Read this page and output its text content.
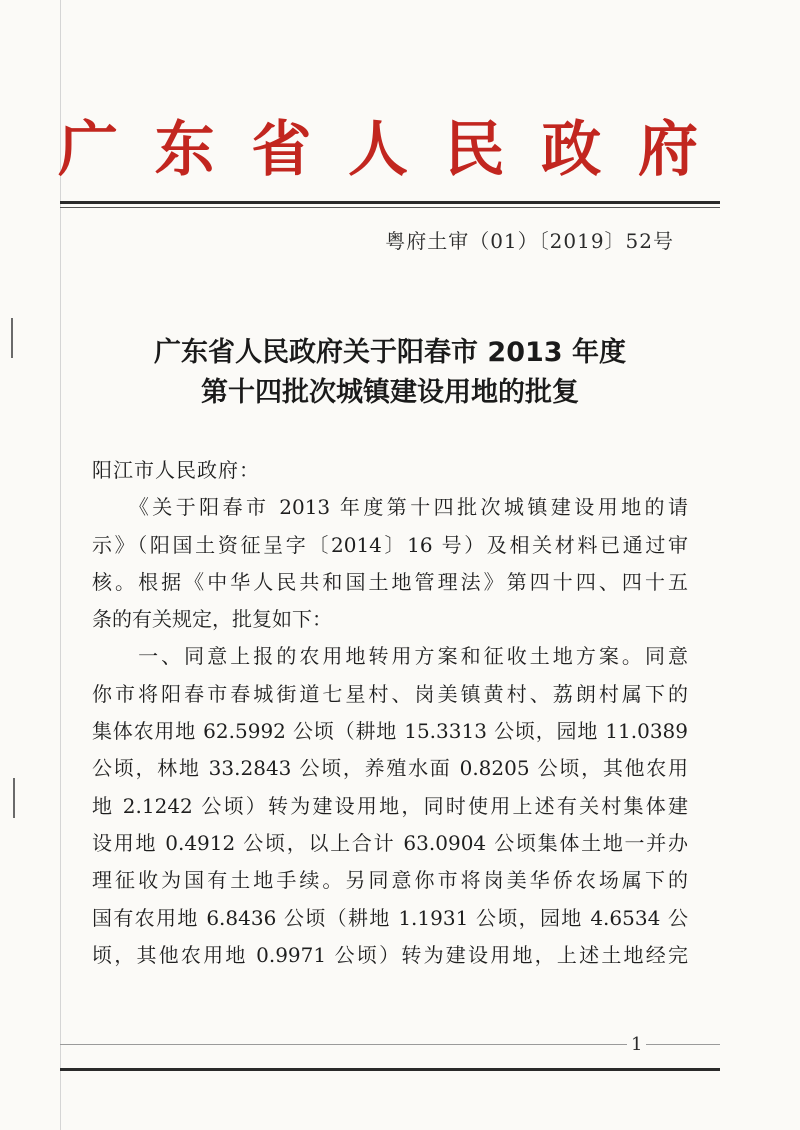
广 东 省 人 民 政 府
粤府土审（01）〔2019〕52号
广东省人民政府关于阳春市 2013 年度
第十四批次城镇建设用地的批复
阳江市人民政府：
　　《关于阳春市 2013 年度第十四批次城镇建设用地的请
示》（阳国土资征呈字〔2014〕16 号）及相关材料已通过审
核。根据《中华人民共和国土地管理法》第四十四、四十五
条的有关规定，批复如下：
　　一、同意上报的农用地转用方案和征收土地方案。同意
你市将阳春市春城街道七星村、岗美镇黄村、荔朗村属下的
集体农用地 62.5992 公顷（耕地 15.3313 公顷，园地 11.0389
公顷，林地 33.2843 公顷，养殖水面 0.8205 公顷，其他农用
地 2.1242 公顷）转为建设用地，同时使用上述有关村集体建
设用地 0.4912 公顷，以上合计 63.0904 公顷集体土地一并办
理征收为国有土地手续。另同意你市将岗美华侨农场属下的
国有农用地 6.8436 公顷（耕地 1.1931 公顷，园地 4.6534 公
顷，其他农用地 0.9971 公顷）转为建设用地，上述土地经完
1
